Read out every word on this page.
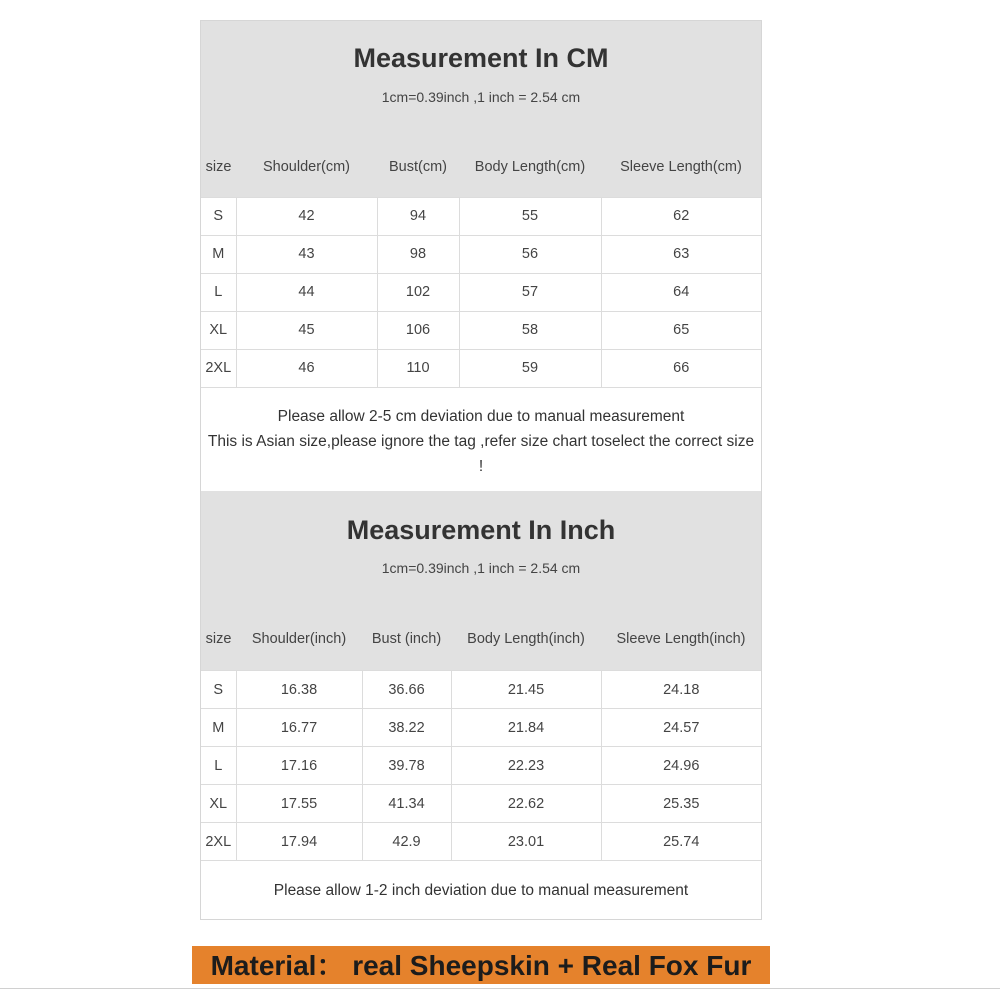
Measurement In CM
1cm=0.39inch ,1 inch = 2.54 cm
size	Shoulder(cm)	Bust(cm)	Body Length(cm)	Sleeve Length(cm)
S	42	94	55	62
M	43	98	56	63
L	44	102	57	64
XL	45	106	58	65
2XL	46	110	59	66
Please allow 2-5 cm deviation due to manual measurement
This is Asian size,please ignore the tag ,refer size chart toselect the correct size !
Measurement In Inch
1cm=0.39inch ,1 inch = 2.54 cm
size	Shoulder(inch)	Bust (inch)	Body Length(inch)	Sleeve Length(inch)
S	16.38	36.66	21.45	24.18
M	16.77	38.22	21.84	24.57
L	17.16	39.78	22.23	24.96
XL	17.55	41.34	22.62	25.35
2XL	17.94	42.9	23.01	25.74
Please allow 1-2 inch deviation due to manual measurement
Material： real Sheepskin + Real Fox Fur
